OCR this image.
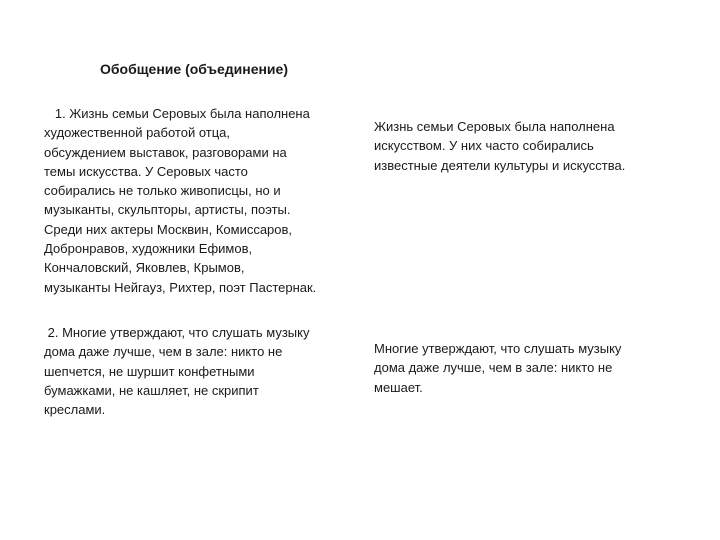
Обобщение (объединение)
1. Жизнь семьи Серовых была наполнена
художественной работой отца,
обсуждением выставок, разговорами на
темы искусства. У Серовых часто
собирались не только живописцы, но и
музыканты, скульпторы, артисты, поэты.
Среди них актеры Москвин, Комиссаров,
Добронравов, художники Ефимов,
Кончаловский, Яковлев, Крымов,
музыканты Нейгауз, Рихтер, поэт Пастернак.
2. Многие утверждают, что слушать музыку
дома даже лучше, чем в зале: никто не
шепчется, не шуршит конфетными
бумажками, не кашляет, не скрипит
креслами.
Жизнь семьи Серовых была наполнена
искусством. У них часто собирались
известные деятели культуры и искусства.
Многие утверждают, что слушать музыку
дома даже лучше, чем в зале: никто не
мешает.
